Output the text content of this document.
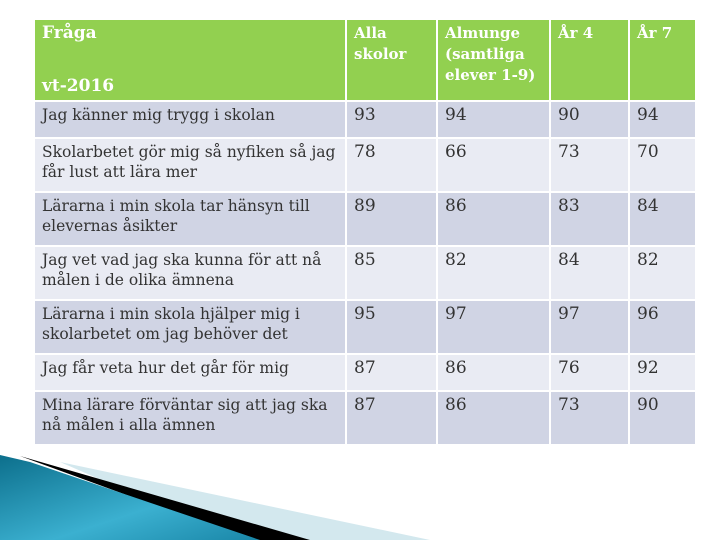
Fråga
vt-2016	Alla skolor	Almunge (samtliga elever 1-9)	År 4	År 7
Jag känner mig trygg i skolan	93	94	90	94
Skolarbetet gör mig så nyfiken så jag får lust att lära mer	78	66	73	70
Lärarna i min skola tar hänsyn till elevernas åsikter	89	86	83	84
Jag vet vad jag ska kunna för att nå målen i de olika ämnena	85	82	84	82
Lärarna i min skola hjälper mig i skolarbetet om jag behöver det	95	97	97	96
Jag får veta hur det går för mig	87	86	76	92
Mina lärare förväntar sig att jag ska nå målen i alla ämnen	87	86	73	90
